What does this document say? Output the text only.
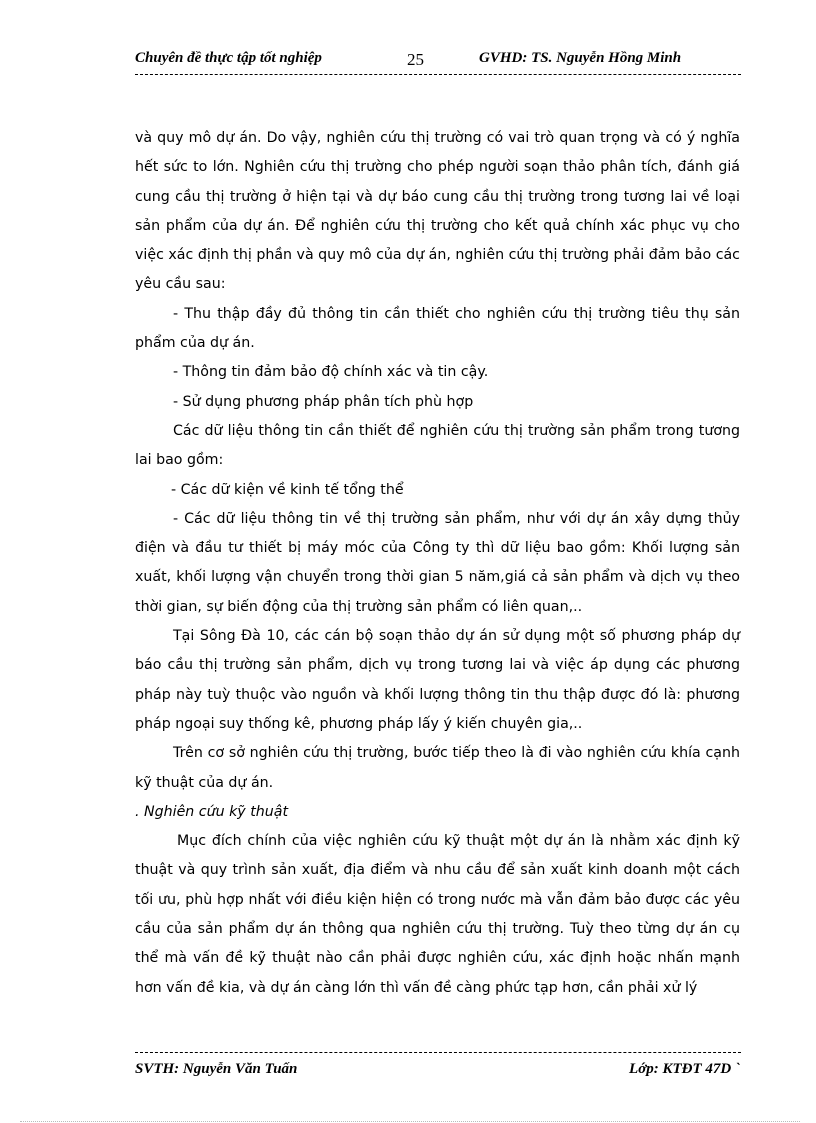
Chuyên đề thực tập tốt nghiệp	25	GVHD: TS. Nguyễn Hồng Minh

và quy mô dự án. Do vậy, nghiên cứu thị trường có vai trò quan trọng và có ý nghĩa hết sức to lớn. Nghiên cứu thị trường cho phép người soạn thảo phân tích, đánh giá cung cầu thị trường ở hiện tại và dự báo cung cầu thị trường trong tương lai về loại sản phẩm của dự án. Để nghiên cứu thị trường cho kết quả chính xác phục vụ cho việc xác định thị phần và quy mô của dự án, nghiên cứu thị trường phải đảm bảo các yêu cầu sau:

- Thu thập đầy đủ thông tin cần thiết cho nghiên cứu thị trường tiêu thụ sản phẩm của dự án.

- Thông tin đảm bảo độ chính xác và tin cậy.

- Sử dụng phương pháp phân tích phù hợp

Các dữ liệu thông tin cần thiết để nghiên cứu thị trường sản phẩm trong tương lai bao gồm:

- Các dữ kiện về kinh tế tổng thể

- Các dữ liệu thông tin về thị trường sản phẩm, như với dự án xây dựng thủy điện và đầu tư thiết bị máy móc của Công ty thì dữ liệu bao gồm: Khối lượng sản xuất, khối lượng vận chuyển trong thời gian 5 năm,giá cả sản phẩm và dịch vụ theo thời gian, sự biến động của thị trường sản phẩm có liên quan,..

Tại Sông Đà 10, các cán bộ soạn thảo dự án sử dụng một số phương pháp dự báo cầu thị trường sản phẩm, dịch vụ trong tương lai và việc áp dụng các phương pháp này tuỳ thuộc vào nguồn và khối lượng thông tin thu thập được đó là: phương pháp ngoại suy thống kê, phương pháp lấy ý kiến chuyên gia,..

Trên cơ sở nghiên cứu thị trường, bước tiếp theo là đi vào nghiên cứu khía cạnh kỹ thuật của dự án.

. Nghiên cứu kỹ thuật

Mục đích chính của việc nghiên cứu kỹ thuật một dự án là nhằm xác định kỹ thuật và quy trình sản xuất, địa điểm và nhu cầu để sản xuất kinh doanh một cách tối ưu, phù hợp nhất với điều kiện hiện có trong nước mà vẫn đảm bảo được các yêu cầu của sản phẩm dự án thông qua nghiên cứu thị trường. Tuỳ theo từng dự án cụ thể mà vấn đề kỹ thuật nào cần phải được nghiên cứu, xác định hoặc nhấn mạnh hơn vấn đề kia, và dự án càng lớn thì vấn đề càng phức tạp hơn, cần phải xử lý

SVTH: Nguyễn Văn Tuấn	Lớp: KTĐT 47D `
